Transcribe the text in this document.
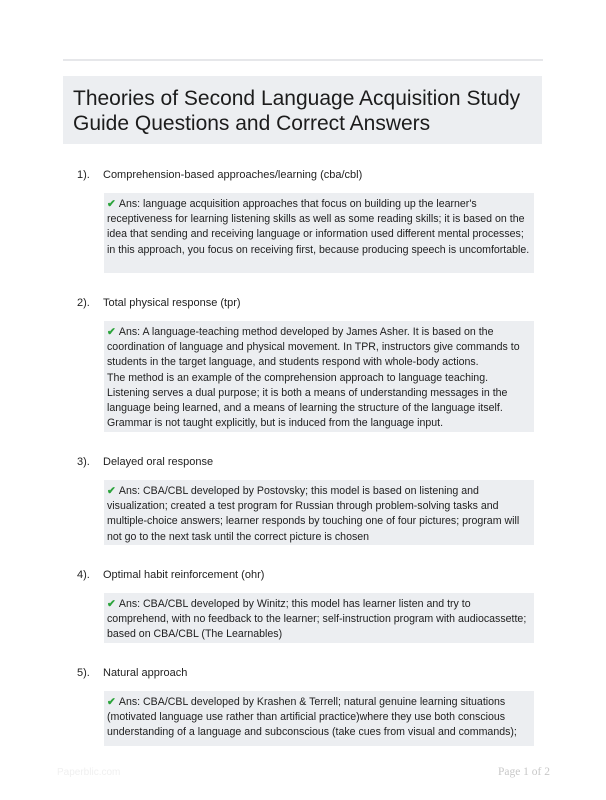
Theories of Second Language Acquisition Study Guide Questions and Correct Answers
1). Comprehension-based approaches/learning (cba/cbl)
✔ Ans: language acquisition approaches that focus on building up the learner's receptiveness for learning listening skills as well as some reading skills; it is based on the idea that sending and receiving language or information used different mental processes; in this approach, you focus on receiving first, because producing speech is uncomfortable.
2). Total physical response (tpr)
✔ Ans: A language-teaching method developed by James Asher. It is based on the coordination of language and physical movement. In TPR, instructors give commands to students in the target language, and students respond with whole-body actions.
The method is an example of the comprehension approach to language teaching. Listening serves a dual purpose; it is both a means of understanding messages in the language being learned, and a means of learning the structure of the language itself. Grammar is not taught explicitly, but is induced from the language input.
3). Delayed oral response
✔ Ans: CBA/CBL developed by Postovsky; this model is based on listening and visualization; created a test program for Russian through problem-solving tasks and multiple-choice answers; learner responds by touching one of four pictures; program will not go to the next task until the correct picture is chosen
4). Optimal habit reinforcement (ohr)
✔ Ans: CBA/CBL developed by Winitz; this model has learner listen and try to comprehend, with no feedback to the learner; self-instruction program with audiocassette; based on CBA/CBL (The Learnables)
5). Natural approach
✔ Ans: CBA/CBL developed by Krashen & Terrell; natural genuine learning situations (motivated language use rather than artificial practice)where they use both conscious understanding of a language and subconscious (take cues from visual and commands);
Paperblic.com	Page 1 of 2
